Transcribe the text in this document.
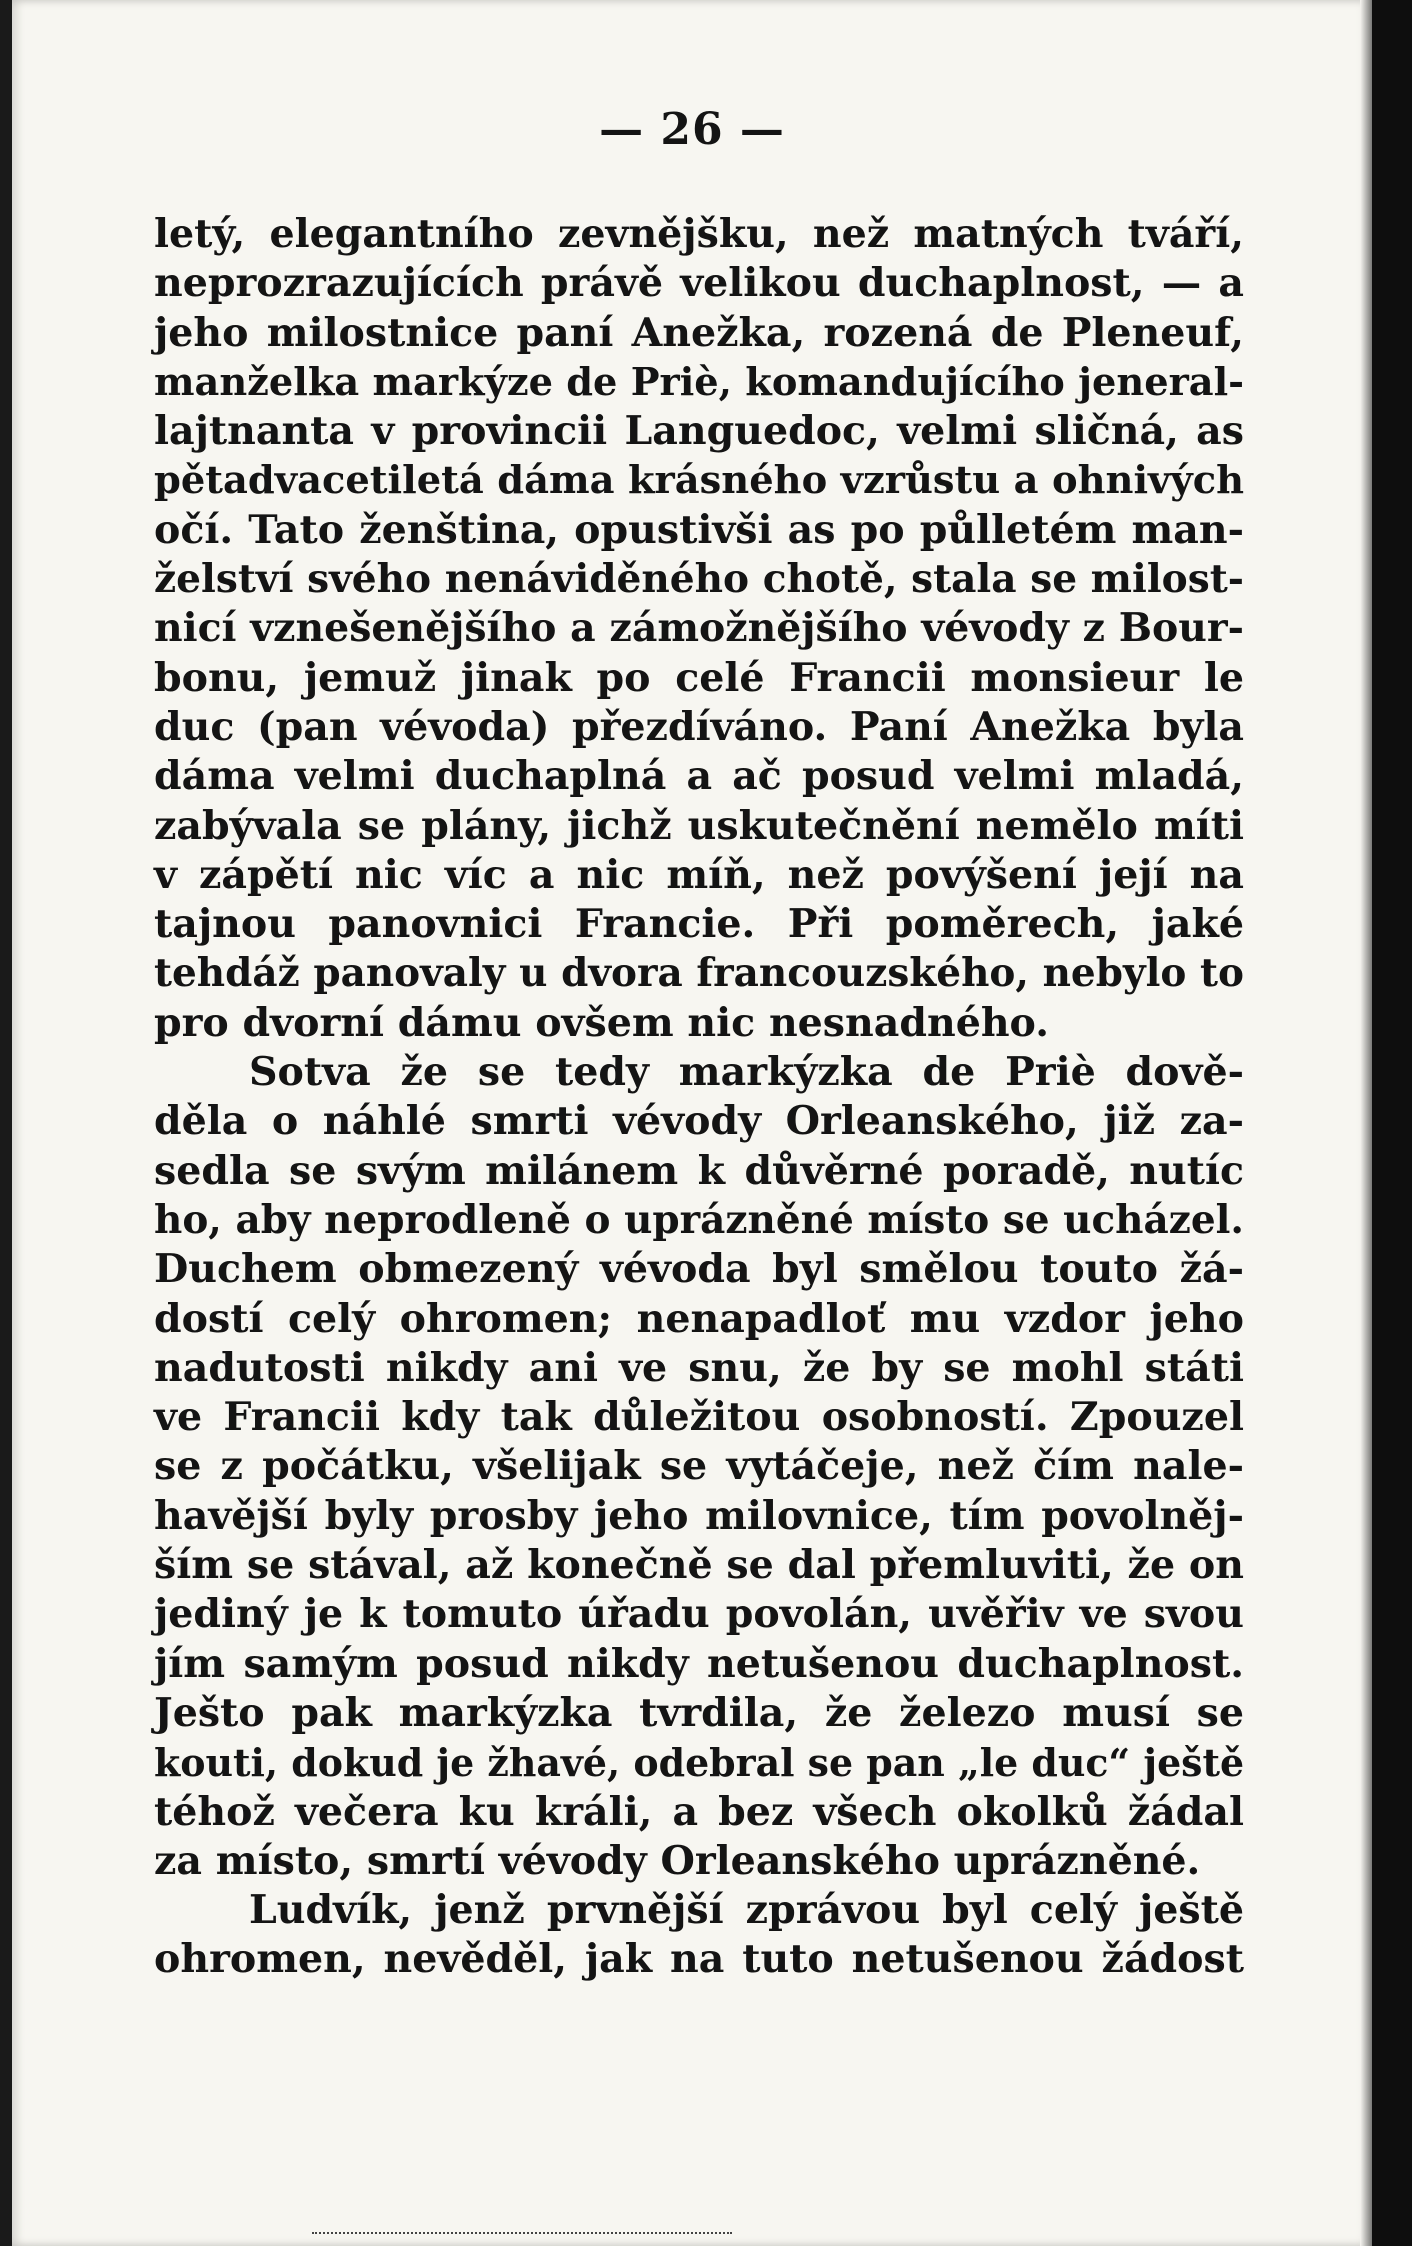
— 26 —
letý, elegantního zevnějšku, než matných tváří,
neprozrazujících právě velikou duchaplnost, — a
jeho milostnice paní Anežka, rozená de Pleneuf,
manželka markýze de Priè, komandujícího jeneral-
lajtnanta v provincii Languedoc, velmi sličná, as
pětadvacetiletá dáma krásného vzrůstu a ohnivých
očí. Tato ženština, opustivši as po půlletém man-
želství svého nenáviděného chotě, stala se milost-
nicí vznešenějšího a zámožnějšího vévody z Bour-
bonu, jemuž jinak po celé Francii monsieur le
duc (pan vévoda) přezdíváno. Paní Anežka byla
dáma velmi duchaplná a ač posud velmi mladá,
zabývala se plány, jichž uskutečnění nemělo míti
v zápětí nic víc a nic míň, než povýšení její na
tajnou panovnici Francie. Při poměrech, jaké
tehdáž panovaly u dvora francouzského, nebylo to
pro dvorní dámu ovšem nic nesnadného.
Sotva že se tedy markýzka de Priè dově-
děla o náhlé smrti vévody Orleanského, již za-
sedla se svým milánem k důvěrné poradě, nutíc
ho, aby neprodleně o uprázněné místo se ucházel.
Duchem obmezený vévoda byl smělou touto žá-
dostí celý ohromen; nenapadloť mu vzdor jeho
nadutosti nikdy ani ve snu, že by se mohl státi
ve Francii kdy tak důležitou osobností. Zpouzel
se z počátku, všelijak se vytáčeje, než čím nale-
havější byly prosby jeho milovnice, tím povolněj-
ším se stával, až konečně se dal přemluviti, že on
jediný je k tomuto úřadu povolán, uvěřiv ve svou
jím samým posud nikdy netušenou duchaplnost.
Ješto pak markýzka tvrdila, že železo musí se
kouti, dokud je žhavé, odebral se pan „le duc“ ještě
téhož večera ku králi, a bez všech okolků žádal
za místo, smrtí vévody Orleanského uprázněné.
Ludvík, jenž prvnější zprávou byl celý ještě
ohromen, nevěděl, jak na tuto netušenou žádost
